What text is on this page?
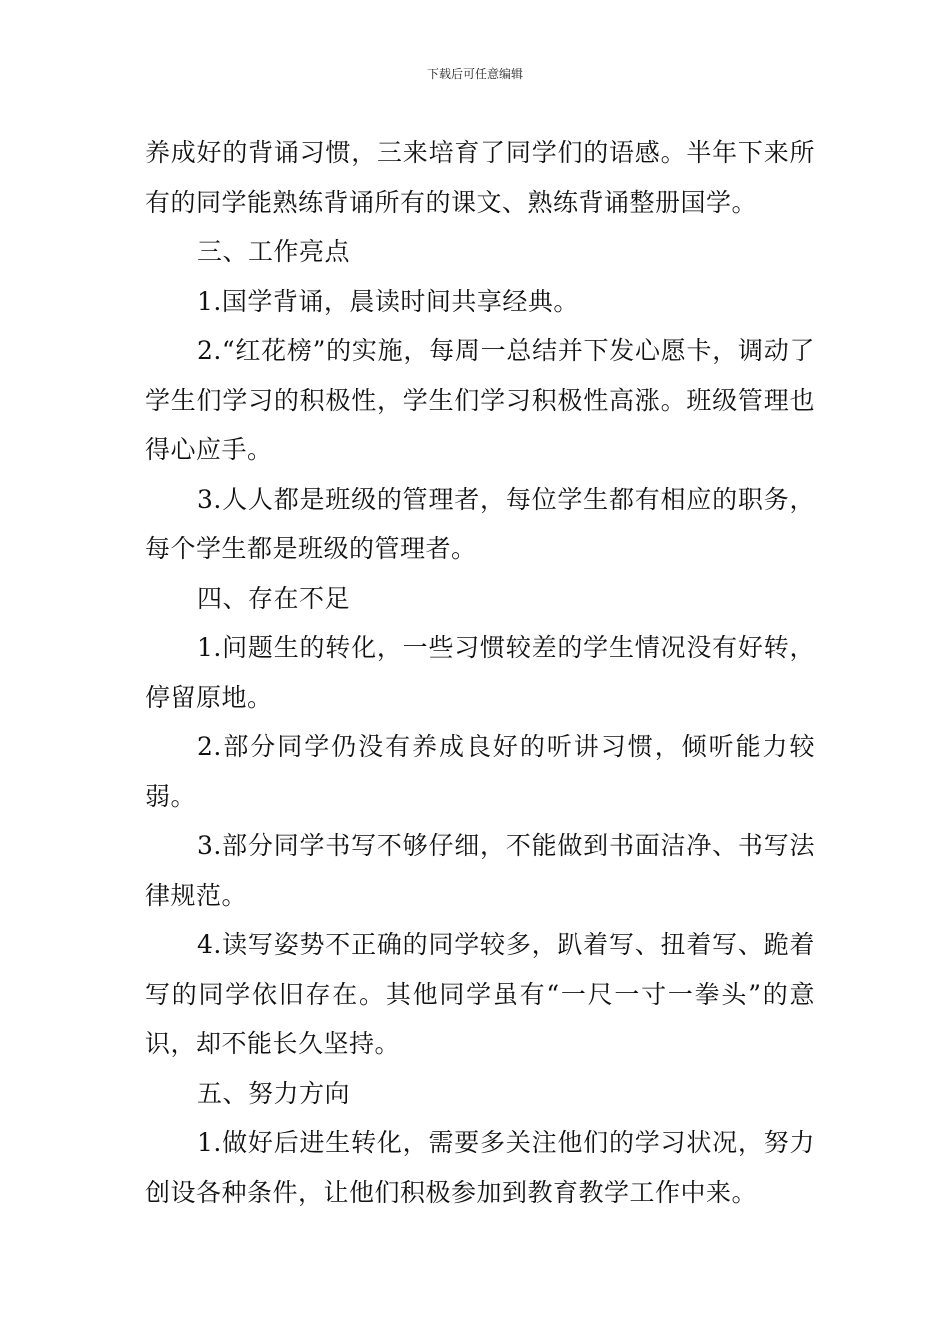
下载后可任意编辑

养成好的背诵习惯，三来培育了同学们的语感。半年下来所有的同学能熟练背诵所有的课文、熟练背诵整册国学。

三、工作亮点

1.国学背诵，晨读时间共享经典。

2.“红花榜”的实施，每周一总结并下发心愿卡，调动了学生们学习的积极性，学生们学习积极性高涨。班级管理也得心应手。

3.人人都是班级的管理者，每位学生都有相应的职务，每个学生都是班级的管理者。

四、存在不足

1.问题生的转化，一些习惯较差的学生情况没有好转，停留原地。

2.部分同学仍没有养成良好的听讲习惯，倾听能力较弱。

3.部分同学书写不够仔细，不能做到书面洁净、书写法律规范。

4.读写姿势不正确的同学较多，趴着写、扭着写、跪着写的同学依旧存在。其他同学虽有“一尺一寸一拳头”的意识，却不能长久坚持。

五、努力方向

1.做好后进生转化，需要多关注他们的学习状况，努力创设各种条件，让他们积极参加到教育教学工作中来。
